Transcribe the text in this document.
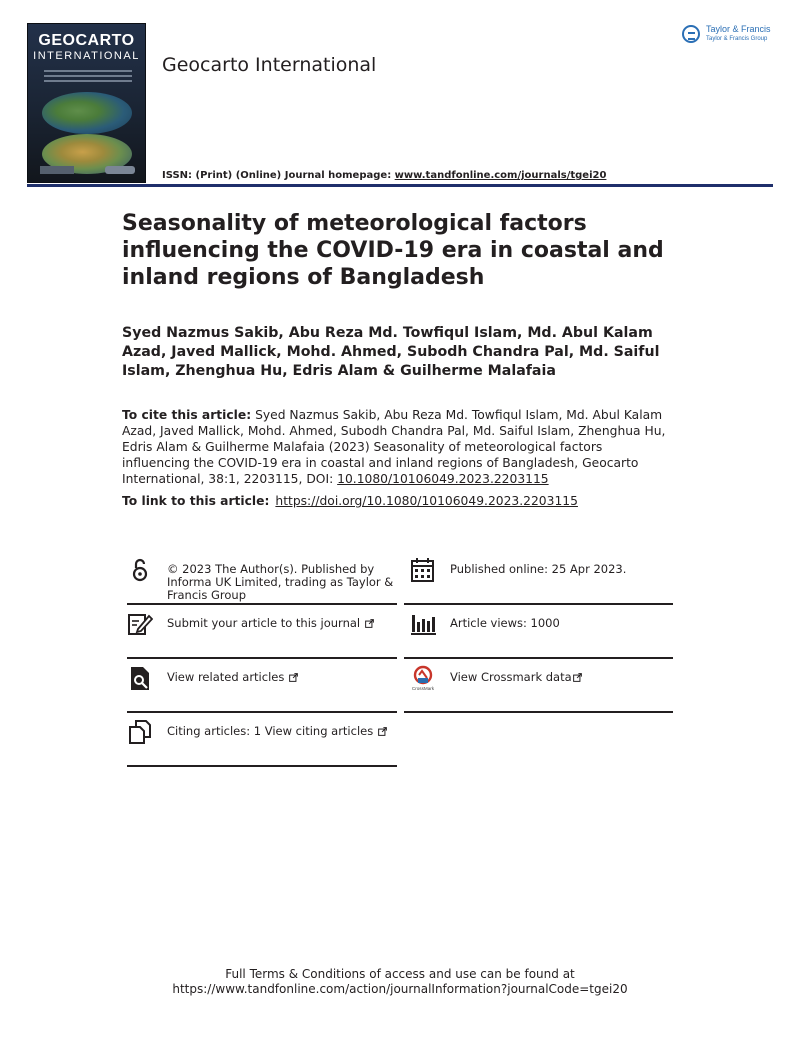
GEOCARTO
INTERNATIONAL Geocarto International
Taylor & Francis
Taylor & Francis Group
ISSN: (Print) (Online) Journal homepage: www.tandfonline.com/journals/tgei20
Seasonality of meteorological factors influencing the COVID-19 era in coastal and inland regions of Bangladesh
Syed Nazmus Sakib, Abu Reza Md. Towfiqul Islam, Md. Abul Kalam Azad, Javed Mallick, Mohd. Ahmed, Subodh Chandra Pal, Md. Saiful Islam, Zhenghua Hu, Edris Alam & Guilherme Malafaia
To cite this article: Syed Nazmus Sakib, Abu Reza Md. Towfiqul Islam, Md. Abul Kalam Azad, Javed Mallick, Mohd. Ahmed, Subodh Chandra Pal, Md. Saiful Islam, Zhenghua Hu, Edris Alam & Guilherme Malafaia (2023) Seasonality of meteorological factors influencing the COVID-19 era in coastal and inland regions of Bangladesh, Geocarto International, 38:1, 2203115, DOI: 10.1080/10106049.2023.2203115
To link to this article: https://doi.org/10.1080/10106049.2023.2203115
© 2023 The Author(s). Published by Informa UK Limited, trading as Taylor & Francis Group
Published online: 25 Apr 2023.
Submit your article to this journal	Article views: 1000
View related articles
CrossMark
View Crossmark data
Citing articles: 1 View citing articles
Full Terms & Conditions of access and use can be found at
https://www.tandfonline.com/action/journalInformation?journalCode=tgei20
